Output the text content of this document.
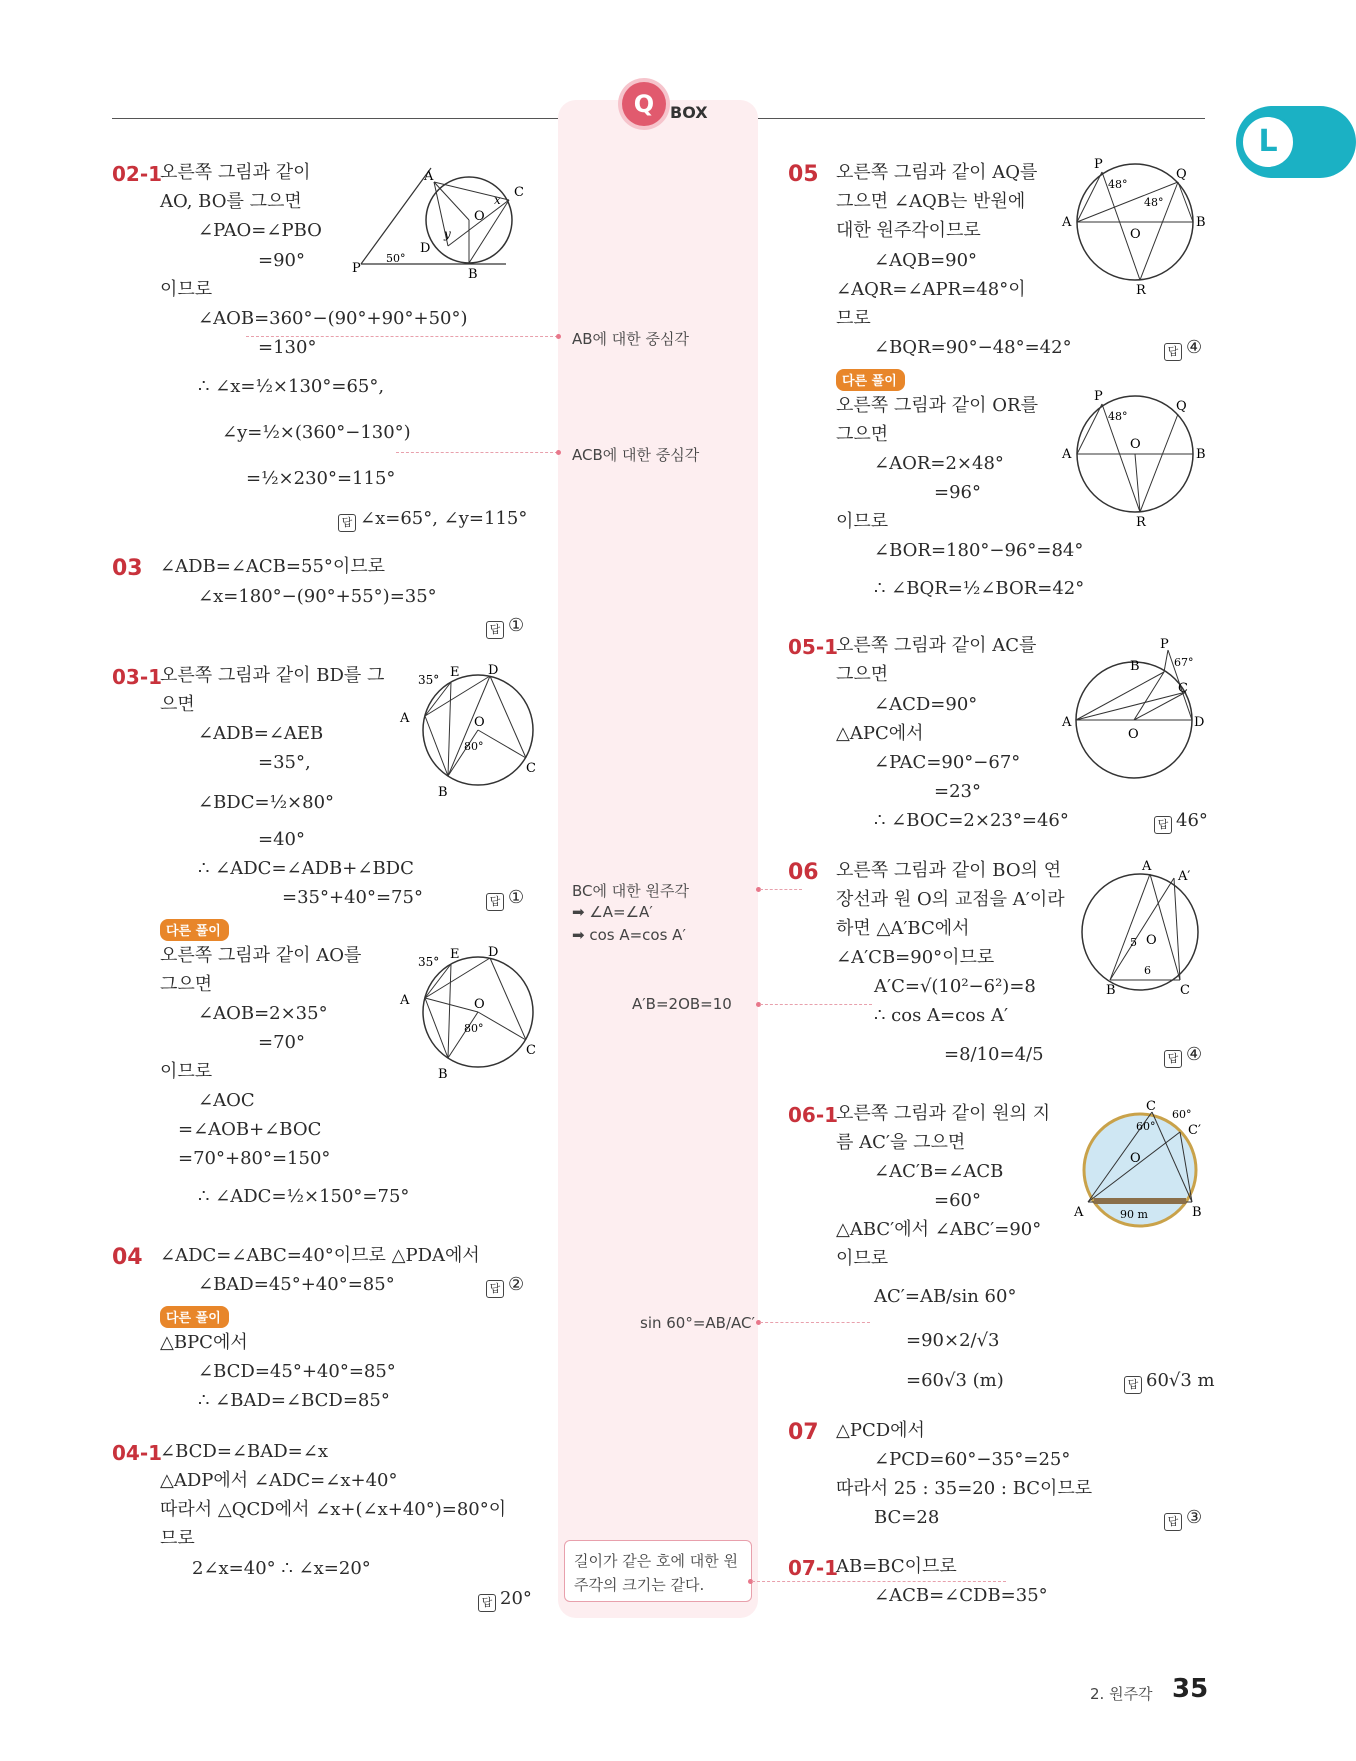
Q BOX
L
02-1
오른쪽 그림과 같이
AO, BO를 그으면
∠PAO=∠PBO
=90°
이므로
∠AOB=360°−(90°+90°+50°)
=130°
∴ ∠x=½×130°=65°,
∠y=½×(360°−130°)
=½×230°=115°
답 ∠x=65°, ∠y=115°
A
C
O
x
y
D
50°
P	B
03 ∠ADB=∠ACB=55°이므로
∠x=180°−(90°+55°)=35°
답 ①
03-1
오른쪽 그림과 같이 BD를 그
으면
∠ADB=∠AEB
=35°,
∠BDC=½×80°
=40°
∴ ∠ADC=∠ADB+∠BDC
=35°+40°=75°	답 ①
다른 풀이
오른쪽 그림과 같이 AO를
그으면
∠AOB=2×35°
=70°
이므로
∠AOC
=∠AOB+∠BOC
=70°+80°=150°
∴ ∠ADC=½×150°=75°
35° E D
A	O
80°
C
B
35° E D
A	O
80°
C
B
04 ∠ADC=∠ABC=40°이므로 △PDA에서
∠BAD=45°+40°=85°	답 ②
다른 풀이
△BPC에서
∠BCD=45°+40°=85°
∴ ∠BAD=∠BCD=85°
04-1
∠BCD=∠BAD=∠x
△ADP에서 ∠ADC=∠x+40°
따라서 △QCD에서 ∠x+(∠x+40°)=80°이
므로
2∠x=40° ∴ ∠x=20°
답 20°
AB에 대한 중심각
ACB에 대한 중심각
BC에 대한 원주각
➡ ∠A=∠A′
➡ cos A=cos A′
A′B=2OB=10
sin 60°=AB/AC′
길이가 같은 호에 대한 원
주각의 크기는 같다.
05 오른쪽 그림과 같이 AQ를
그으면 ∠AQB는 반원에
대한 원주각이므로
∠AQB=90°
∠AQR=∠APR=48°이
므로
∠BQR=90°−48°=42°	답 ④
다른 풀이
오른쪽 그림과 같이 OR를
그으면
∠AOR=2×48°
=96°
이므로
∠BOR=180°−96°=84°
∴ ∠BQR=½∠BOR=42°
P
Q
48°
48°
A
O
B
R
P
Q
48°
A
O
B
R
05-1
오른쪽 그림과 같이 AC를
그으면
∠ACD=90°
△APC에서
∠PAC=90°−67°
=23°
∴ ∠BOC=2×23°=46°	답 46°
P
67°
B
C
A
O
D
06 오른쪽 그림과 같이 BO의 연
장선과 원 O의 교점을 A′이라
하면 △A′BC에서
∠A′CB=90°이므로
A′C=√(10²−6²)=8
∴ cos A=cos A′
=8/10=4/5	답 ④
A
A′
5 O
6
B	C
06-1
오른쪽 그림과 같이 원의 지
름 AC′을 그으면
∠AC′B=∠ACB
=60°
△ABC′에서 ∠ABC′=90°
이므로
AC′=AB/sin 60°
=90×2/√3
=60√3 (m)	답 60√3 m
C
60°
60°	C′
O
A	90 m	B
07 △PCD에서
∠PCD=60°−35°=25°
따라서 25 : 35=20 : BC이므로
BC=28	답 ③
07-1
AB=BC이므로
∠ACB=∠CDB=35°
2. 원주각 35
